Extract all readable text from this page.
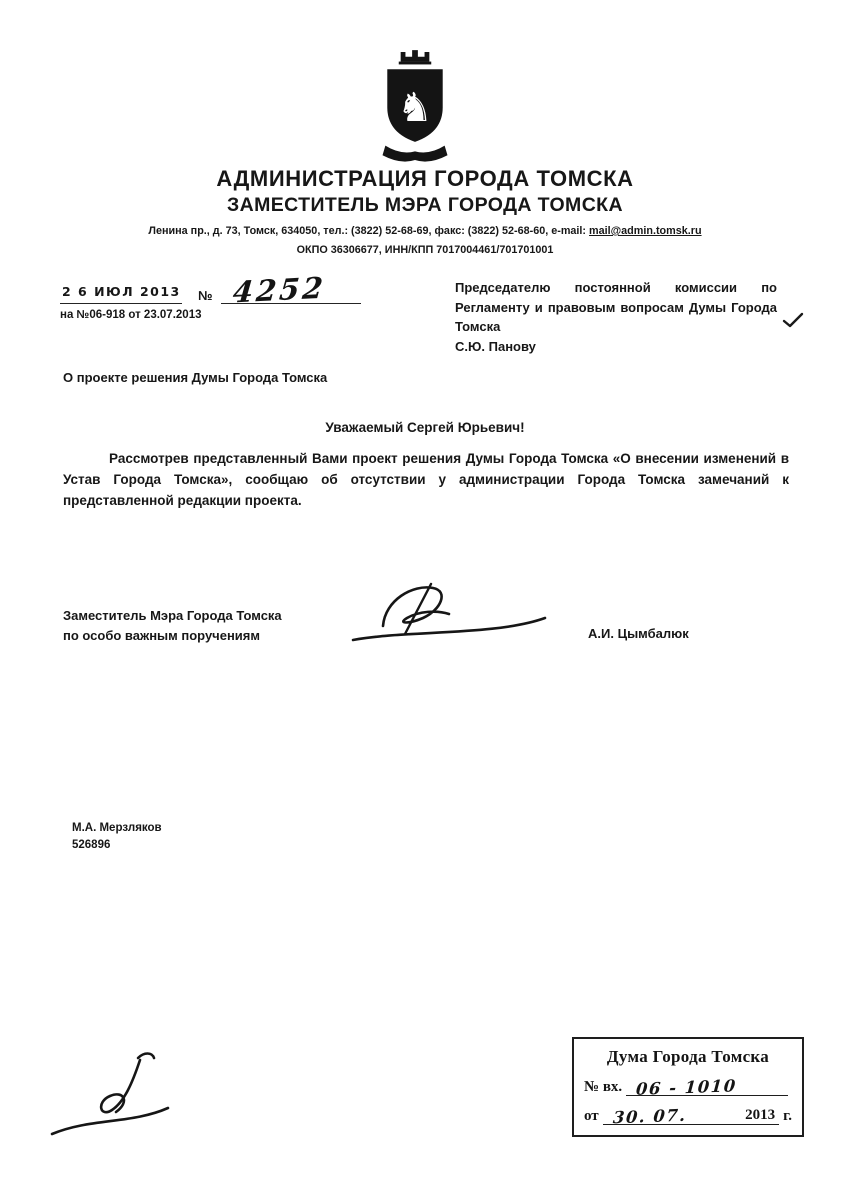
♞
АДМИНИСТРАЦИЯ ГОРОДА ТОМСКА
ЗАМЕСТИТЕЛЬ МЭРА ГОРОДА ТОМСКА
Ленина пр., д. 73, Томск, 634050, тел.: (3822) 52-68-69, факс: (3822) 52-68-60, e-mail: mail@admin.tomsk.ru
ОКПО 36306677, ИНН/КПП 7017004461/701701001
2 6 ИЮЛ 2013 № 4252
на №06-918 от 23.07.2013
Председателю постоянной комиссии по Регламенту и правовым вопросам Думы Города Томска
С.Ю. Панову
О проекте решения Думы Города Томска
Уважаемый Сергей Юрьевич!

Рассмотрев представленный Вами проект решения Думы Города Томска «О внесении изменений в Устав Города Томска», сообщаю об отсутствии у администрации Города Томска замечаний к представленной редакции проекта.

Заместитель Мэра Города Томска
по особо важным поручениям	А.И. Цымбалюк
М.А. Мерзляков
526896
Дума Города Томска
№ вх. 06 - 1010
от 30. 07.	2013 г.
